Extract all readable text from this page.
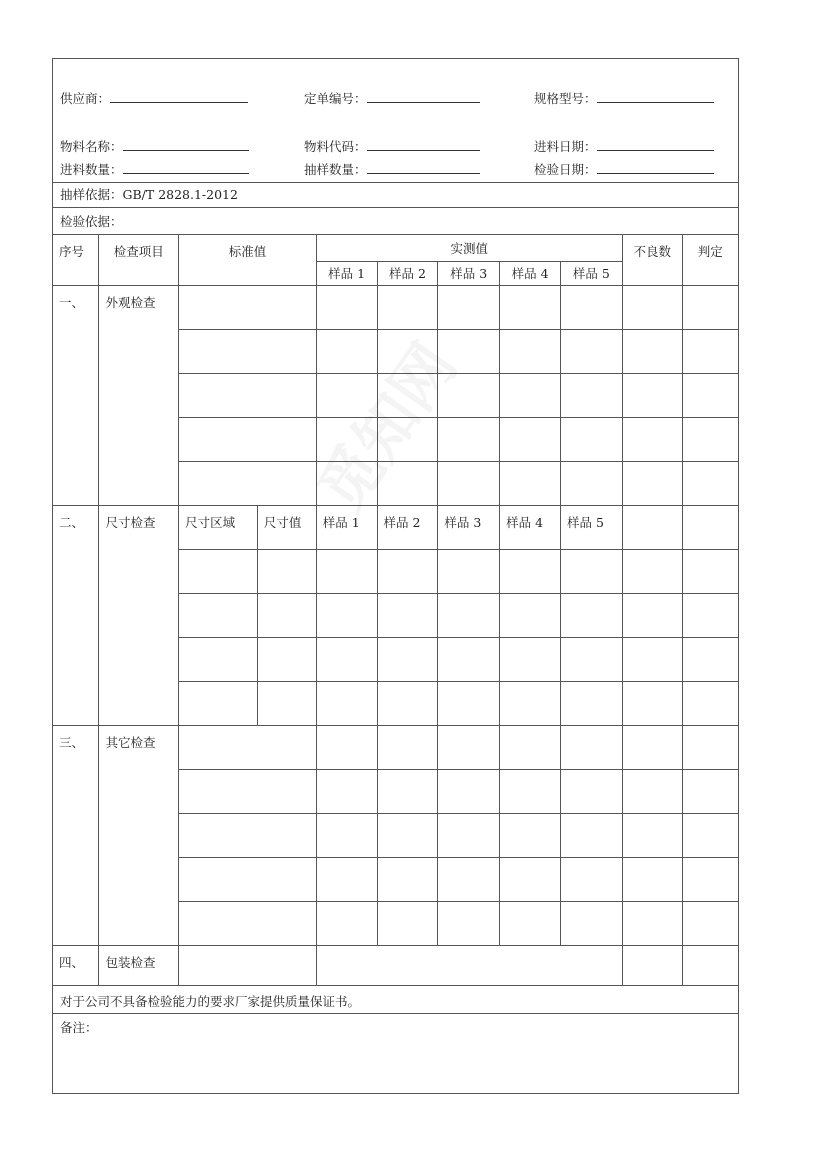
供应商：	定单编号：	规格型号：
物料名称：	物料代码：	进料日期：
进料数量：	抽样数量：	检验日期：
抽样依据：GB/T 2828.1-2012
检验依据：
序号	检查项目	标准值		实测值					不良数	判定
				样品 1	样品 2	样品 3	样品 4	样品 5		
一、	外观检查									

二、	尺寸检查	尺寸区域	尺寸值	样品 1	样品 2	样品 3	样品 4	样品 5		

三、	其它检查									

四、	包装检查									
对于公司不具备检验能力的要求厂家提供质量保证书。
备注：
